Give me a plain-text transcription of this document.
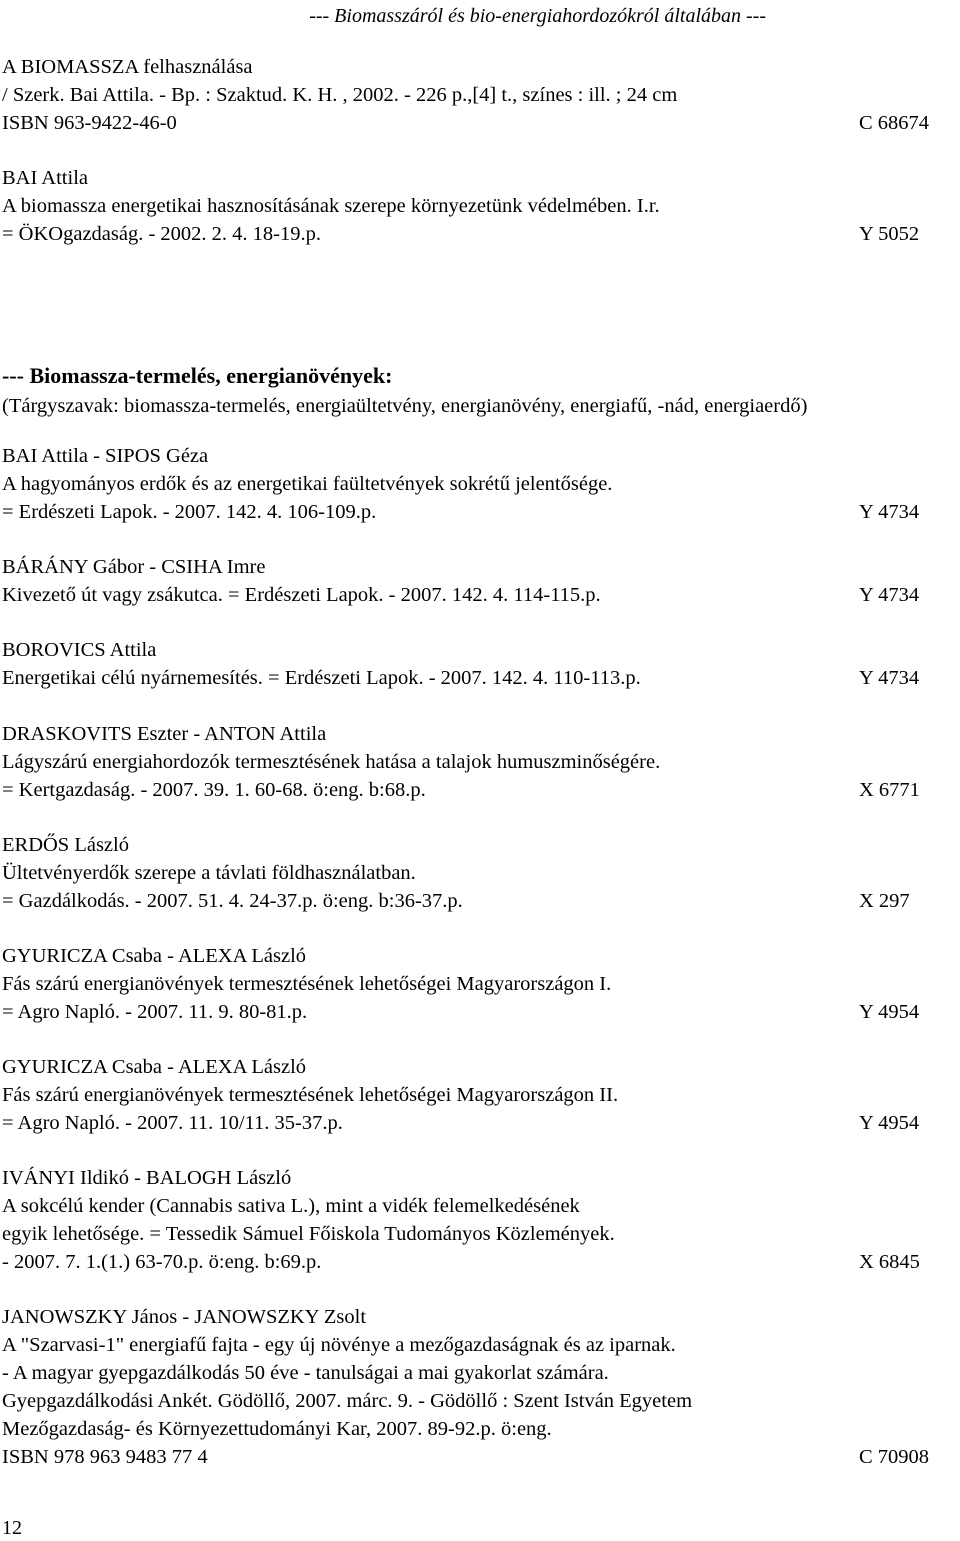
--- Biomasszáról és bio-energiahordozókról általában ---
A BIOMASSZA felhasználása
/ Szerk. Bai Attila. - Bp. : Szaktud. K. H. , 2002. - 226 p.,[4] t., színes : ill. ; 24 cm
ISBN 963-9422-46-0	C 68674
BAI Attila
A biomassza energetikai hasznosításának szerepe környezetünk védelmében. I.r.
= ÖKOgazdaság. - 2002. 2. 4. 18-19.p.	Y 5052
--- Biomassza-termelés, energianövények:
(Tárgyszavak: biomassza-termelés, energiaültetvény, energianövény, energiafű, -nád, energiaerdő)
BAI Attila - SIPOS Géza
A hagyományos erdők és az energetikai faültetvények sokrétű jelentősége.
= Erdészeti Lapok. - 2007. 142. 4. 106-109.p.	Y 4734
BÁRÁNY Gábor - CSIHA Imre
Kivezető út vagy zsákutca. = Erdészeti Lapok. - 2007. 142. 4. 114-115.p.	Y 4734
BOROVICS Attila
Energetikai célú nyárnemesítés. = Erdészeti Lapok. - 2007. 142. 4. 110-113.p.	Y 4734
DRASKOVITS Eszter - ANTON Attila
Lágyszárú energiahordozók termesztésének hatása a talajok humuszminőségére.
= Kertgazdaság. - 2007. 39. 1. 60-68. ö:eng. b:68.p.	X 6771
ERDŐS László
Ültetvényerdők szerepe a távlati földhasználatban.
= Gazdálkodás. - 2007. 51. 4. 24-37.p. ö:eng. b:36-37.p.	X 297
GYURICZA Csaba - ALEXA László
Fás szárú energianövények termesztésének lehetőségei Magyarországon I.
= Agro Napló. - 2007. 11. 9. 80-81.p.	Y 4954
GYURICZA Csaba - ALEXA László
Fás szárú energianövények termesztésének lehetőségei Magyarországon II.
= Agro Napló. - 2007. 11. 10/11. 35-37.p.	Y 4954
IVÁNYI Ildikó - BALOGH László
A sokcélú kender (Cannabis sativa L.), mint a vidék felemelkedésének
egyik lehetősége. = Tessedik Sámuel Főiskola Tudományos Közlemények.
- 2007. 7. 1.(1.) 63-70.p. ö:eng. b:69.p.	X 6845
JANOWSZKY János - JANOWSZKY Zsolt
A "Szarvasi-1" energiafű fajta - egy új növénye a mezőgazdaságnak és az iparnak.
- A magyar gyepgazdálkodás 50 éve - tanulságai a mai gyakorlat számára.
Gyepgazdálkodási Ankét. Gödöllő, 2007. márc. 9. - Gödöllő : Szent István Egyetem
Mezőgazdaság- és Környezettudományi Kar, 2007. 89-92.p. ö:eng.
ISBN 978 963 9483 77 4	C 70908
12
